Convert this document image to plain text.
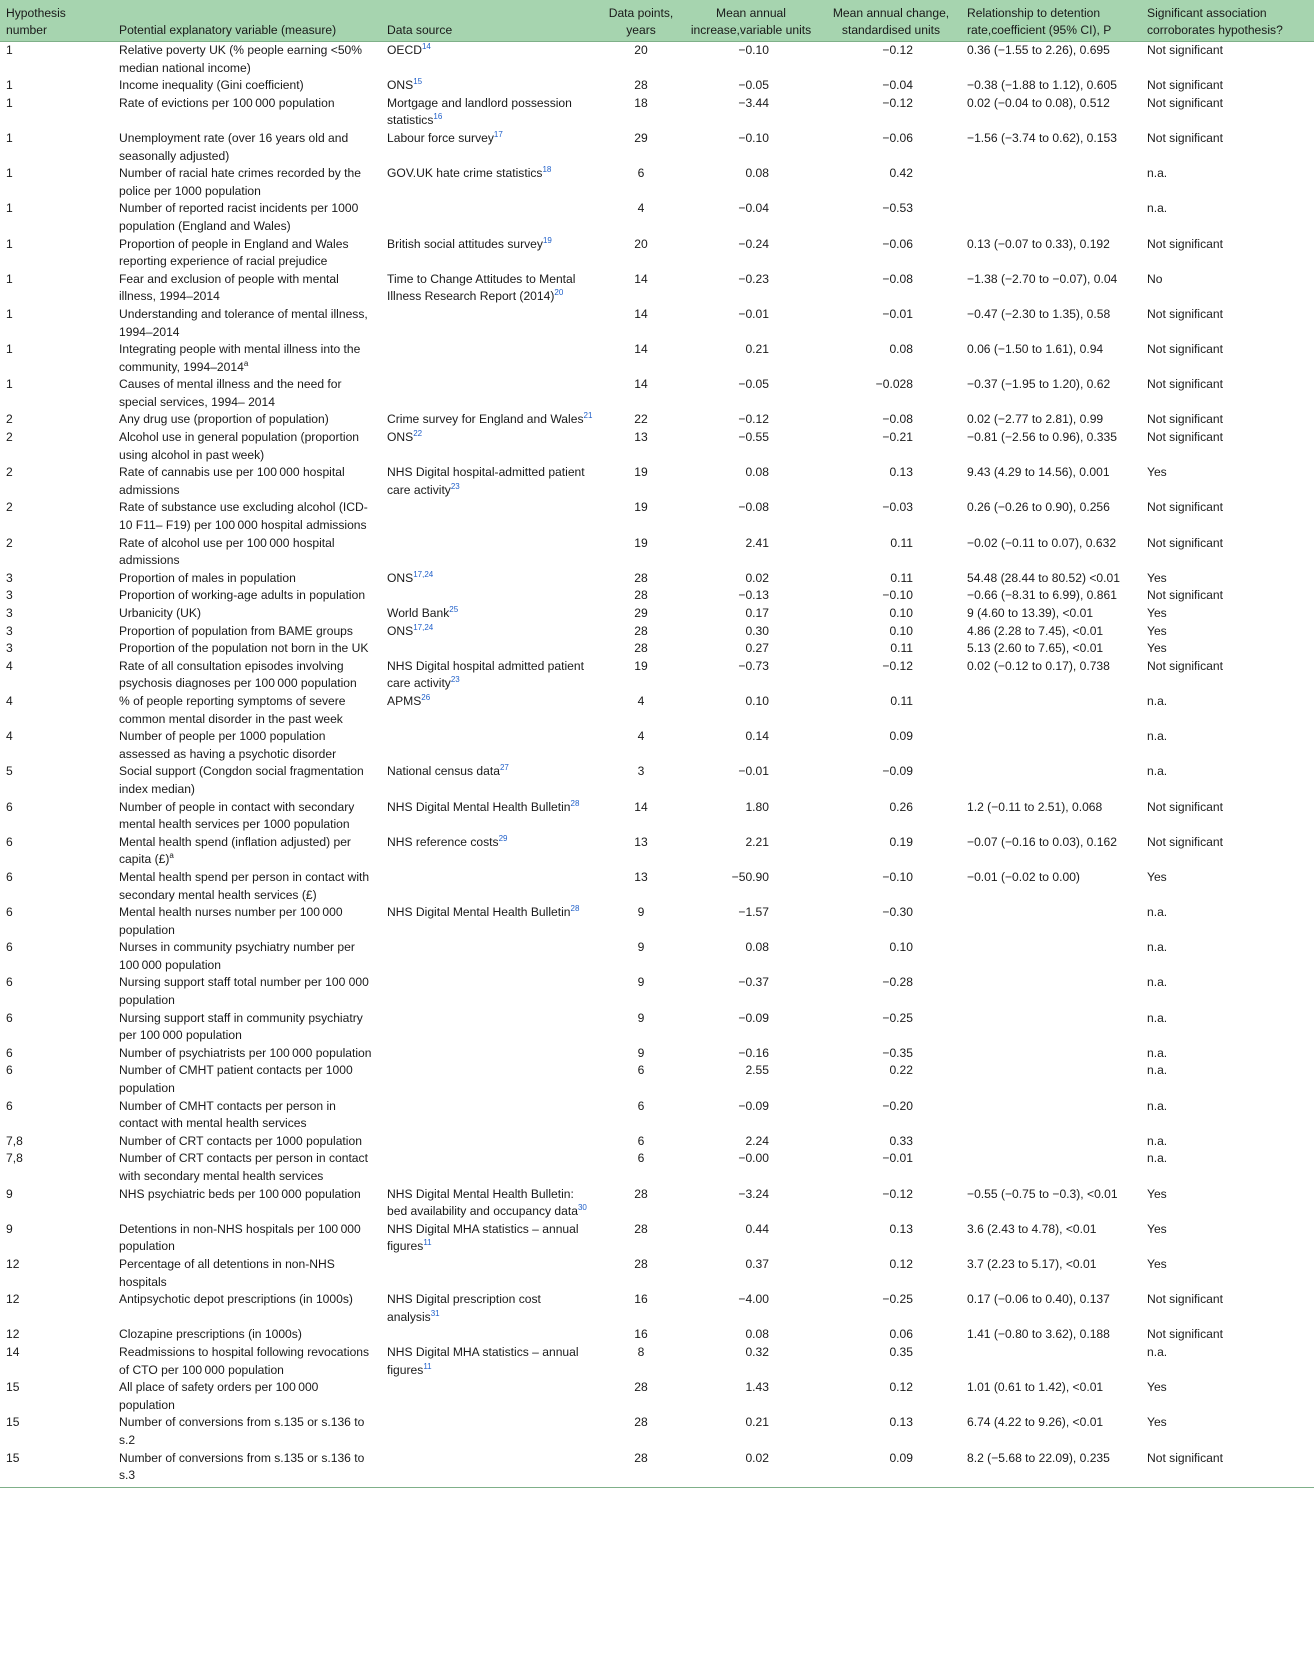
Hypothesis number	Potential explanatory variable (measure)	Data source	Data points, years	Mean annual increase,variable units	Mean annual change, standardised units	Relationship to detention rate,coefficient (95% CI), P	Significant association corroborates hypothesis?
1	Relative poverty UK (% people earning <50% median national income)	OECD$^{14}$	20	−0.10	−0.12	0.36 (−1.55 to 2.26), 0.695	Not significant
1	Income inequality (Gini coefficient)	ONS$^{15}$	28	−0.05	−0.04	−0.38 (−1.88 to 1.12), 0.605	Not significant
1	Rate of evictions per 100 000 population	Mortgage and landlord possession statistics$^{16}$	18	−3.44	−0.12	0.02 (−0.04 to 0.08), 0.512	Not significant
1	Unemployment rate (over 16 years old and seasonally adjusted)	Labour force survey$^{17}$	29	−0.10	−0.06	−1.56 (−3.74 to 0.62), 0.153	Not significant
1	Number of racial hate crimes recorded by the police per 1000 population	GOV.UK hate crime statistics$^{18}$	6	0.08	0.42		n.a.
1	Number of reported racist incidents per 1000 population (England and Wales)		4	−0.04	−0.53		n.a.
1	Proportion of people in England and Wales reporting experience of racial prejudice	British social attitudes survey$^{19}$	20	−0.24	−0.06	0.13 (−0.07 to 0.33), 0.192	Not significant
1	Fear and exclusion of people with mental illness, 1994–2014	Time to Change Attitudes to Mental Illness Research Report $(2014)^{20}$	14	−0.23	−0.08	−1.38 (−2.70 to −0.07), 0.04	No
1	Understanding and tolerance of mental illness, 1994–2014		14	−0.01	−0.01	−0.47 (−2.30 to 1.35), 0.58	Not significant
1	Integrating people with mental illness into the community, 1994–2014$^a$		14	0.21	0.08	0.06 (−1.50 to 1.61), 0.94	Not significant
1	Causes of mental illness and the need for special services, 1994– 2014		14	−0.05	−0.028	−0.37 (−1.95 to 1.20), 0.62	Not significant
2	Any drug use (proportion of population)	Crime survey for England and Wales$^{21}$	22	−0.12	−0.08	0.02 (−2.77 to 2.81), 0.99	Not significant
2	Alcohol use in general population (proportion using alcohol in past week)	ONS$^{22}$	13	−0.55	−0.21	−0.81 (−2.56 to 0.96), 0.335	Not significant
2	Rate of cannabis use per 100 000 hospital admissions	NHS Digital hospital-admitted patient care activity$^{23}$	19	0.08	0.13	9.43 (4.29 to 14.56), 0.001	Yes
2	Rate of substance use excluding alcohol (ICD-10 F11– F19) per 100 000 hospital admissions		19	−0.08	−0.03	0.26 (−0.26 to 0.90), 0.256	Not significant
2	Rate of alcohol use per 100 000 hospital admissions		19	2.41	0.11	−0.02 (−0.11 to 0.07), 0.632	Not significant
3	Proportion of males in population	ONS$^{17,24}$	28	0.02	0.11	54.48 (28.44 to 80.52) <0.01	Yes
3	Proportion of working-age adults in population		28	−0.13	−0.10	−0.66 (−8.31 to 6.99), 0.861	Not significant
3	Urbanicity (UK)	World Bank$^{25}$	29	0.17	0.10	9 (4.60 to 13.39), <0.01	Yes
3	Proportion of population from BAME groups	ONS$^{17,24}$	28	0.30	0.10	4.86 (2.28 to 7.45), <0.01	Yes
3	Proportion of the population not born in the UK		28	0.27	0.11	5.13 (2.60 to 7.65), <0.01	Yes
4	Rate of all consultation episodes involving psychosis diagnoses per 100 000 population	NHS Digital hospital admitted patient care activity$^{23}$	19	−0.73	−0.12	0.02 (−0.12 to 0.17), 0.738	Not significant
4	% of people reporting symptoms of severe common mental disorder in the past week	APMS$^{26}$	4	0.10	0.11		n.a.
4	Number of people per 1000 population assessed as having a psychotic disorder		4	0.14	0.09		n.a.
5	Social support (Congdon social fragmentation index median)	National census data$^{27}$	3	−0.01	−0.09		n.a.
6	Number of people in contact with secondary mental health services per 1000 population	NHS Digital Mental Health Bulletin$^{28}$	14	1.80	0.26	1.2 (−0.11 to 2.51), 0.068	Not significant
6	Mental health spend (inflation adjusted) per capita (£)$^a$	NHS reference costs$^{29}$	13	2.21	0.19	−0.07 (−0.16 to 0.03), 0.162	Not significant
6	Mental health spend per person in contact with secondary mental health services (£)		13	−50.90	−0.10	−0.01 (−0.02 to 0.00)	Yes
6	Mental health nurses number per 100 000 population	NHS Digital Mental Health Bulletin$^{28}$	9	−1.57	−0.30		n.a.
6	Nurses in community psychiatry number per 100 000 population		9	0.08	0.10		n.a.
6	Nursing support staff total number per 100 000 population		9	−0.37	−0.28		n.a.
6	Nursing support staff in community psychiatry per 100 000 population		9	−0.09	−0.25		n.a.
6	Number of psychiatrists per 100 000 population		9	−0.16	−0.35		n.a.
6	Number of CMHT patient contacts per 1000 population		6	2.55	0.22		n.a.
6	Number of CMHT contacts per person in contact with mental health services		6	−0.09	−0.20		n.a.
7,8	Number of CRT contacts per 1000 population		6	2.24	0.33		n.a.
7,8	Number of CRT contacts per person in contact with secondary mental health services		6	−0.00	−0.01		n.a.
9	NHS psychiatric beds per 100 000 population	NHS Digital Mental Health Bulletin: bed availability and occupancy data$^{30}$	28	−3.24	−0.12	−0.55 (−0.75 to −0.3), <0.01	Yes
9	Detentions in non-NHS hospitals per 100 000 population	NHS Digital MHA statistics – annual figures$^{11}$	28	0.44	0.13	3.6 (2.43 to 4.78), <0.01	Yes
12	Percentage of all detentions in non-NHS hospitals		28	0.37	0.12	3.7 (2.23 to 5.17), <0.01	Yes
12	Antipsychotic depot prescriptions (in 1000s)	NHS Digital prescription cost analysis$^{31}$	16	−4.00	−0.25	0.17 (−0.06 to 0.40), 0.137	Not significant
12	Clozapine prescriptions (in 1000s)		16	0.08	0.06	1.41 (−0.80 to 3.62), 0.188	Not significant
14	Readmissions to hospital following revocations of CTO per 100 000 population	NHS Digital MHA statistics – annual figures$^{11}$	8	0.32	0.35		n.a.
15	All place of safety orders per 100 000 population		28	1.43	0.12	1.01 (0.61 to 1.42), <0.01	Yes
15	Number of conversions from s.135 or s.136 to s.2		28	0.21	0.13	6.74 (4.22 to 9.26), <0.01	Yes
15	Number of conversions from s.135 or s.136 to s.3		28	0.02	0.09	8.2 (−5.68 to 22.09), 0.235	Not significant
